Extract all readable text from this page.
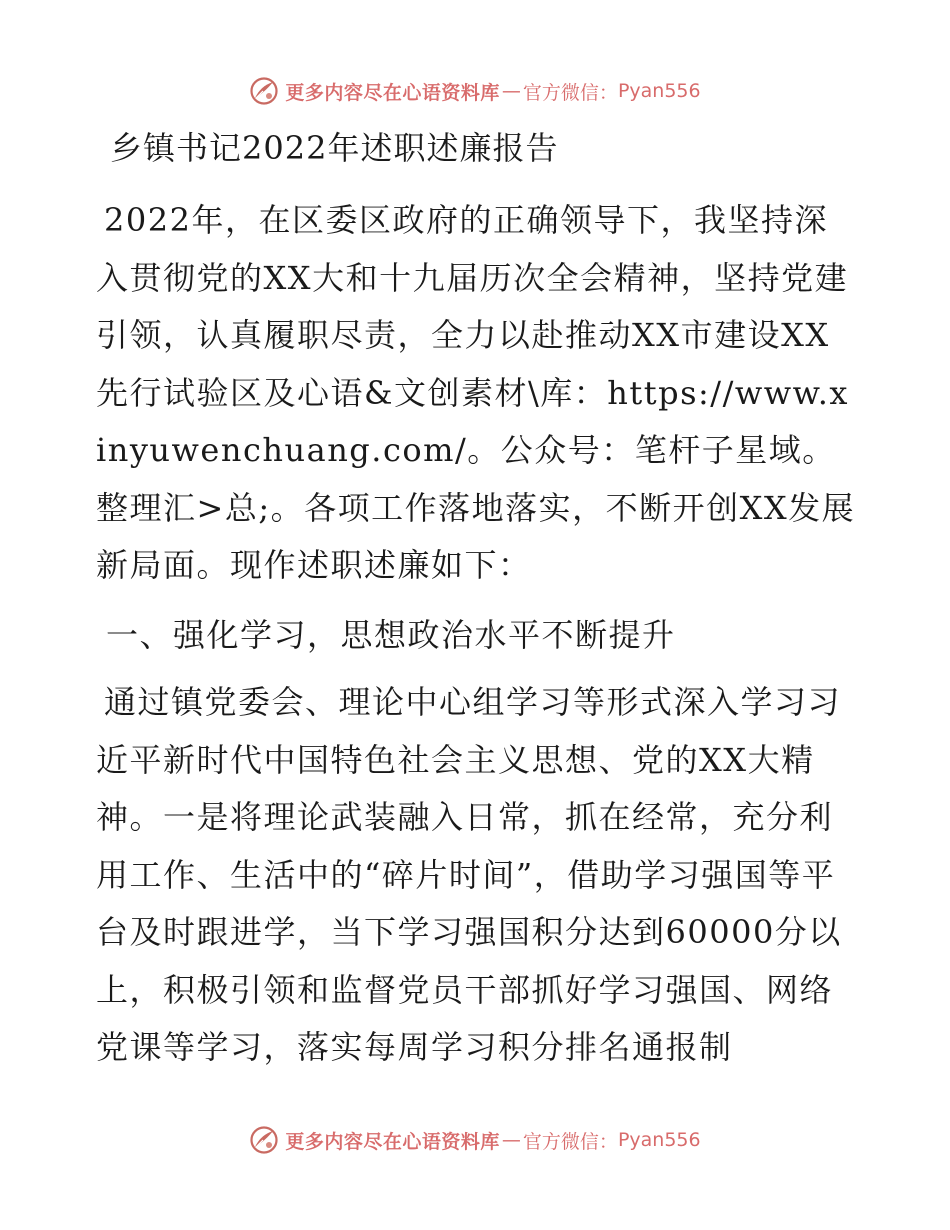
更多内容尽在心语资料库 — 官方微信： Pyan556
乡镇书记2022年述职述廉报告

2022年，在区委区政府的正确领导下，我坚持深入贯彻党的XX大和十九届历次全会精神，坚持党建引领，认真履职尽责，全力以赴推动XX市建设XX先行试验区及心语&文创素材\库：https://www.xinyuwenchuang.com/。公众号：笔杆子星域。整理汇>总;。各项工作落地落实，不断开创XX发展新局面。现作述职述廉如下：

一、强化学习，思想政治水平不断提升

通过镇党委会、理论中心组学习等形式深入学习习近平新时代中国特色社会主义思想、党的XX大精神。一是将理论武装融入日常，抓在经常，充分利用工作、生活中的“碎片时间”，借助学习强国等平台及时跟进学，当下学习强国积分达到60000分以上，积极引领和监督党员干部抓好学习强国、网络党课等学习，落实每周学习积分排名通报制

更多内容尽在心语资料库 — 官方微信： Pyan556
